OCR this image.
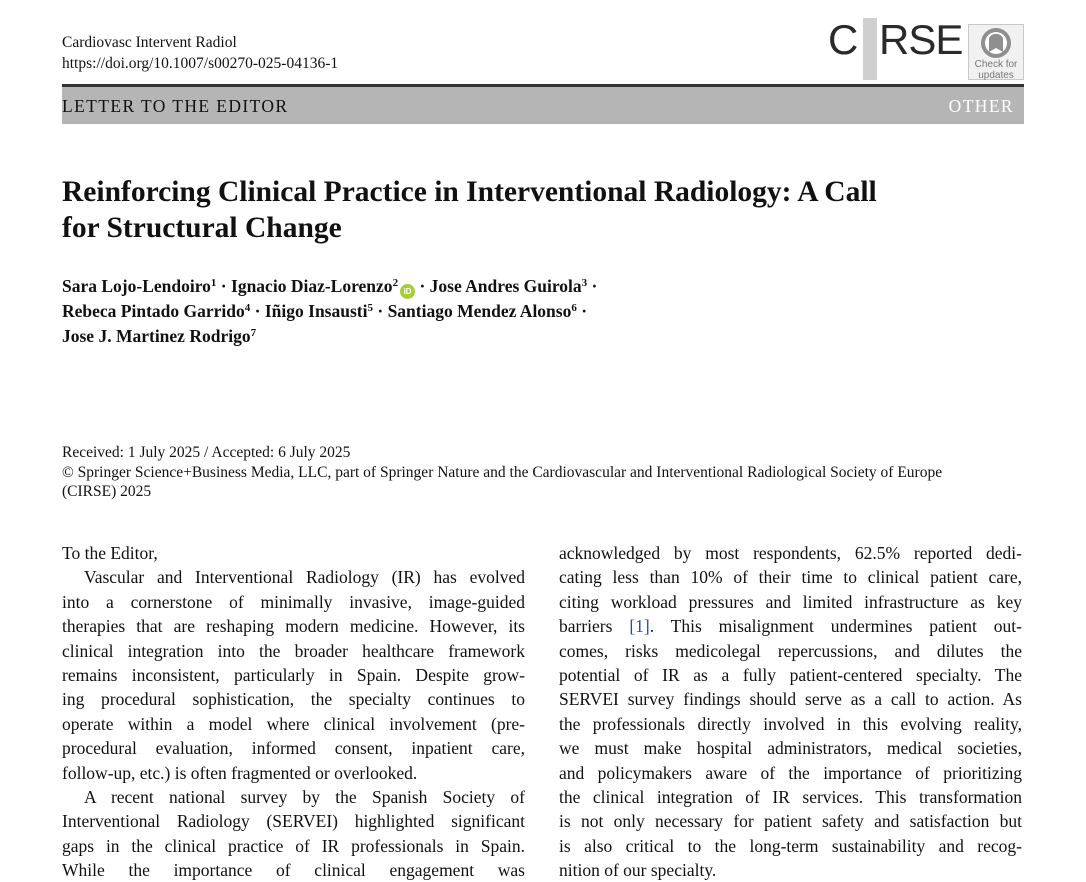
Cardiovasc Intervent Radiol
https://doi.org/10.1007/s00270-025-04136-1
C RSE
Check for
updates
LETTER TO THE EDITOR	OTHER
Reinforcing Clinical Practice in Interventional Radiology: A Call
for Structural Change
Sara Lojo-Lendoiro$^1$ · Ignacio Diaz-Lorenzo$^2$iD · Jose Andres Guirola$^3$ ·
Rebeca Pintado Garrido$^4$ · Iñigo Insausti$^5$ · Santiago Mendez Alonso$^6$ ·
Jose J. Martinez Rodrigo$^7$
Received: 1 July 2025 / Accepted: 6 July 2025
© Springer Science+Business Media, LLC, part of Springer Nature and the Cardiovascular and Interventional Radiological Society of Europe
(CIRSE) 2025
To the Editor,
Vascular and Interventional Radiology (IR) has evolved
into a cornerstone of minimally invasive, image-guided
therapies that are reshaping modern medicine. However, its
clinical integration into the broader healthcare framework
remains inconsistent, particularly in Spain. Despite grow-
ing procedural sophistication, the specialty continues to
operate within a model where clinical involvement (pre-
procedural evaluation, informed consent, inpatient care,
follow-up, etc.) is often fragmented or overlooked.
A recent national survey by the Spanish Society of
Interventional Radiology (SERVEI) highlighted significant
gaps in the clinical practice of IR professionals in Spain.
While the importance of clinical engagement was
acknowledged by most respondents, 62.5% reported dedi-
cating less than 10% of their time to clinical patient care,
citing workload pressures and limited infrastructure as key
barriers [1]. This misalignment undermines patient out-
comes, risks medicolegal repercussions, and dilutes the
potential of IR as a fully patient-centered specialty. The
SERVEI survey findings should serve as a call to action. As
the professionals directly involved in this evolving reality,
we must make hospital administrators, medical societies,
and policymakers aware of the importance of prioritizing
the clinical integration of IR services. This transformation
is not only necessary for patient safety and satisfaction but
is also critical to the long-term sustainability and recog-
nition of our specialty.
